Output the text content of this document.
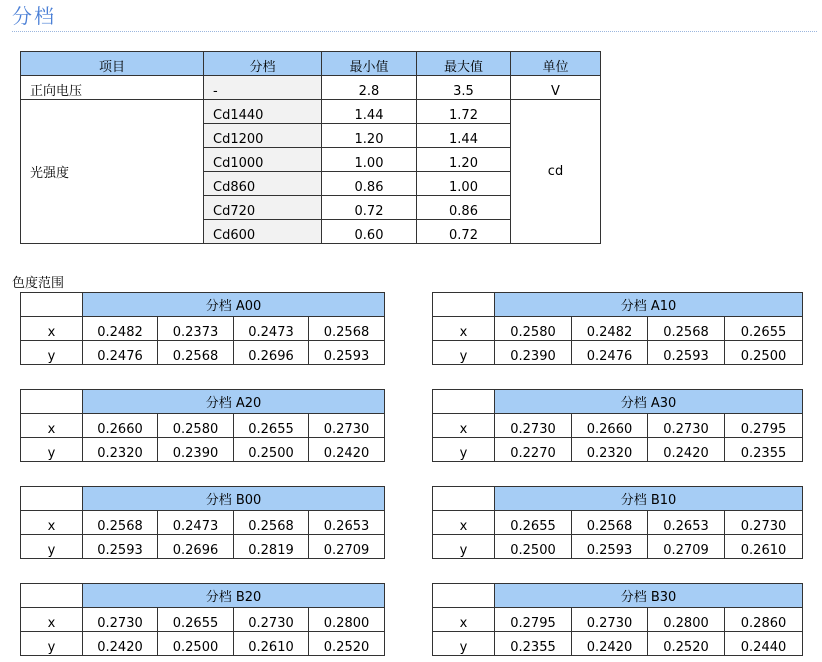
分档
项目	分档	最小值	最大值	单位
正向电压	-	2.8	3.5	V
光强度	Cd1440	1.44	1.72	cd
	Cd1200	1.20	1.44	
	Cd1000	1.00	1.20	
	Cd860	0.86	1.00	
	Cd720	0.72	0.86	
	Cd600	0.60	0.72	
色度范围
	分档 A00			
x	0.2482	0.2373	0.2473	0.2568
y	0.2476	0.2568	0.2696	0.2593
	分档 A10			
x	0.2580	0.2482	0.2568	0.2655
y	0.2390	0.2476	0.2593	0.2500
	分档 A20			
x	0.2660	0.2580	0.2655	0.2730
y	0.2320	0.2390	0.2500	0.2420
	分档 A30			
x	0.2730	0.2660	0.2730	0.2795
y	0.2270	0.2320	0.2420	0.2355
	分档 B00			
x	0.2568	0.2473	0.2568	0.2653
y	0.2593	0.2696	0.2819	0.2709
	分档 B10			
x	0.2655	0.2568	0.2653	0.2730
y	0.2500	0.2593	0.2709	0.2610
	分档 B20			
x	0.2730	0.2655	0.2730	0.2800
y	0.2420	0.2500	0.2610	0.2520
	分档 B30			
x	0.2795	0.2730	0.2800	0.2860
y	0.2355	0.2420	0.2520	0.2440
